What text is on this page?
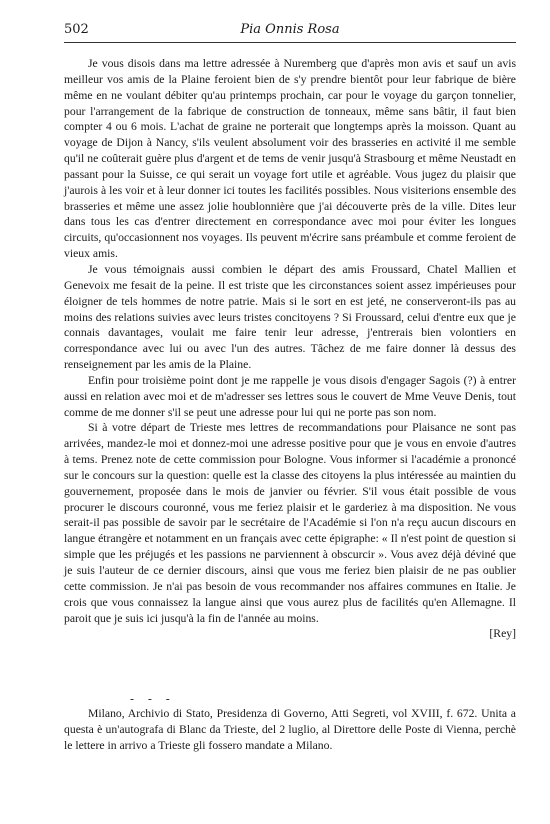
502	Pia Onnis Rosa

Je vous disois dans ma lettre adressée à Nuremberg que d'après mon avis et sauf un avis meilleur vos amis de la Plaine feroient bien de s'y prendre bientôt pour leur fabrique de bière même en ne voulant débiter qu'au printemps prochain, car pour le voyage du garçon tonnelier, pour l'arrangement de la fabrique de construction de tonneaux, même sans bâtir, il faut bien compter 4 ou 6 mois. L'achat de graine ne porterait que longtemps après la moisson. Quant au voyage de Dijon à Nancy, s'ils veulent absolument voir des brasseries en activité il me semble qu'il ne coûterait guère plus d'argent et de tems de venir jusqu'à Strasbourg et même Neustadt en passant pour la Suisse, ce qui serait un voyage fort utile et agréable. Vous jugez du plaisir que j'aurois à les voir et à leur donner ici toutes les facilités possibles. Nous visiterions ensemble des brasseries et même une assez jolie houblonnière que j'ai découverte près de la ville. Dites leur dans tous les cas d'entrer directement en correspondance avec moi pour éviter les longues circuits, qu'occasionnent nos voyages. Ils peuvent m'écrire sans préambule et comme feroient de vieux amis.

Je vous témoignais aussi combien le départ des amis Froussard, Chatel Mallien et Genevoix me fesait de la peine. Il est triste que les circonstances soient assez impérieuses pour éloigner de tels hommes de notre patrie. Mais si le sort en est jeté, ne conserveront-ils pas au moins des relations suivies avec leurs tristes concitoyens ? Si Froussard, celui d'entre eux que je connais davantages, voulait me faire tenir leur adresse, j'entrerais bien volontiers en correspondance avec lui ou avec l'un des autres. Tâchez de me faire donner là dessus des renseignement par les amis de la Plaine.

Enfin pour troisième point dont je me rappelle je vous disois d'engager Sagois (?) à entrer aussi en relation avec moi et de m'adresser ses lettres sous le couvert de Mme Veuve Denis, tout comme de me donner s'il se peut une adresse pour lui qui ne porte pas son nom.

Si à votre départ de Trieste mes lettres de recommandations pour Plaisance ne sont pas arrivées, mandez-le moi et donnez-moi une adresse positive pour que je vous en envoie d'autres à tems. Prenez note de cette commission pour Bologne. Vous informer si l'académie a prononcé sur le concours sur la question: quelle est la classe des citoyens la plus intéressée au maintien du gouvernement, proposée dans le mois de janvier ou février. S'il vous était possible de vous procurer le discours couronné, vous me feriez plaisir et le garderiez à ma disposition. Ne vous serait-il pas possible de savoir par le secrétaire de l'Académie si l'on n'a reçu aucun discours en langue étrangère et notamment en un français avec cette épigraphe: « Il n'est point de question si simple que les préjugés et les passions ne parviennent à obscurcir ». Vous avez déjà déviné que je suis l'auteur de ce dernier discours, ainsi que vous me feriez bien plaisir de ne pas oublier cette commission. Je n'ai pas besoin de vous recommander nos affaires communes en Italie. Je crois que vous connaissez la langue ainsi que vous aurez plus de facilités qu'en Allemagne. Il paroit que je suis ici jusqu'à la fin de l'année au moins.

[Rey]
- - -

Milano, Archivio di Stato, Presidenza di Governo, Atti Segreti, vol XVIII, f. 672. Unita a questa è un'autografa di Blanc da Trieste, del 2 luglio, al Direttore delle Poste di Vienna, perchè le lettere in arrivo a Trieste gli fossero mandate a Milano.
